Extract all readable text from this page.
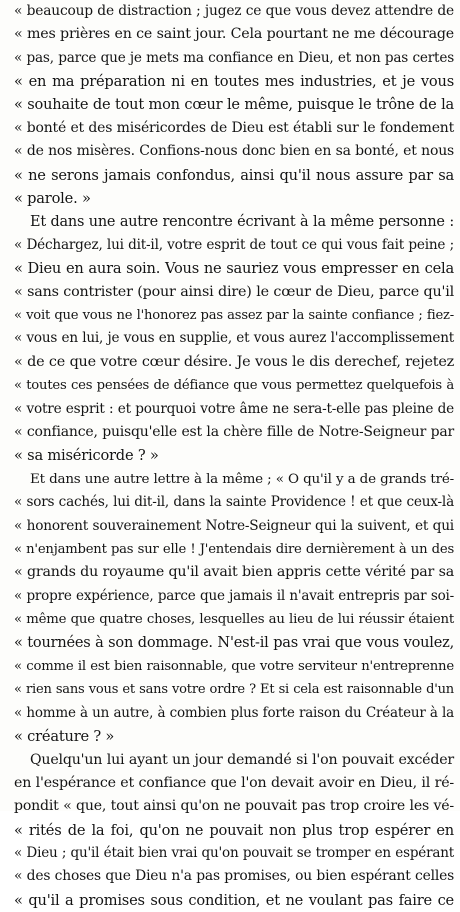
« beaucoup de distraction ; jugez ce que vous devez attendre de
« mes prières en ce saint jour. Cela pourtant ne me décourage
« pas, parce que je mets ma confiance en Dieu, et non pas certes
« en ma préparation ni en toutes mes industries, et je vous
« souhaite de tout mon cœur le même, puisque le trône de la
« bonté et des miséricordes de Dieu est établi sur le fondement
« de nos misères. Confions-nous donc bien en sa bonté, et nous
« ne serons jamais confondus, ainsi qu'il nous assure par sa
« parole. »
Et dans une autre rencontre écrivant à la même personne :
« Déchargez, lui dit-il, votre esprit de tout ce qui vous fait peine ;
« Dieu en aura soin. Vous ne sauriez vous empresser en cela
« sans contrister (pour ainsi dire) le cœur de Dieu, parce qu'il
« voit que vous ne l'honorez pas assez par la sainte confiance ; fiez-
« vous en lui, je vous en supplie, et vous aurez l'accomplissement
« de ce que votre cœur désire. Je vous le dis derechef, rejetez
« toutes ces pensées de défiance que vous permettez quelquefois à
« votre esprit : et pourquoi votre âme ne sera-t-elle pas pleine de
« confiance, puisqu'elle est la chère fille de Notre-Seigneur par
« sa miséricorde ? »
Et dans une autre lettre à la même ; « O qu'il y a de grands tré-
« sors cachés, lui dit-il, dans la sainte Providence ! et que ceux-là
« honorent souverainement Notre-Seigneur qui la suivent, et qui
« n'enjambent pas sur elle ! J'entendais dire dernièrement à un des
« grands du royaume qu'il avait bien appris cette vérité par sa
« propre expérience, parce que jamais il n'avait entrepris par soi-
« même que quatre choses, lesquelles au lieu de lui réussir étaient
« tournées à son dommage. N'est-il pas vrai que vous voulez,
« comme il est bien raisonnable, que votre serviteur n'entreprenne
« rien sans vous et sans votre ordre ? Et si cela est raisonnable d'un
« homme à un autre, à combien plus forte raison du Créateur à la
« créature ? »
Quelqu'un lui ayant un jour demandé si l'on pouvait excéder
en l'espérance et confiance que l'on devait avoir en Dieu, il ré-
pondit « que, tout ainsi qu'on ne pouvait pas trop croire les vé-
« rités de la foi, qu'on ne pouvait non plus trop espérer en
« Dieu ; qu'il était bien vrai qu'on pouvait se tromper en espérant
« des choses que Dieu n'a pas promises, ou bien espérant celles
« qu'il a promises sous condition, et ne voulant pas faire ce
